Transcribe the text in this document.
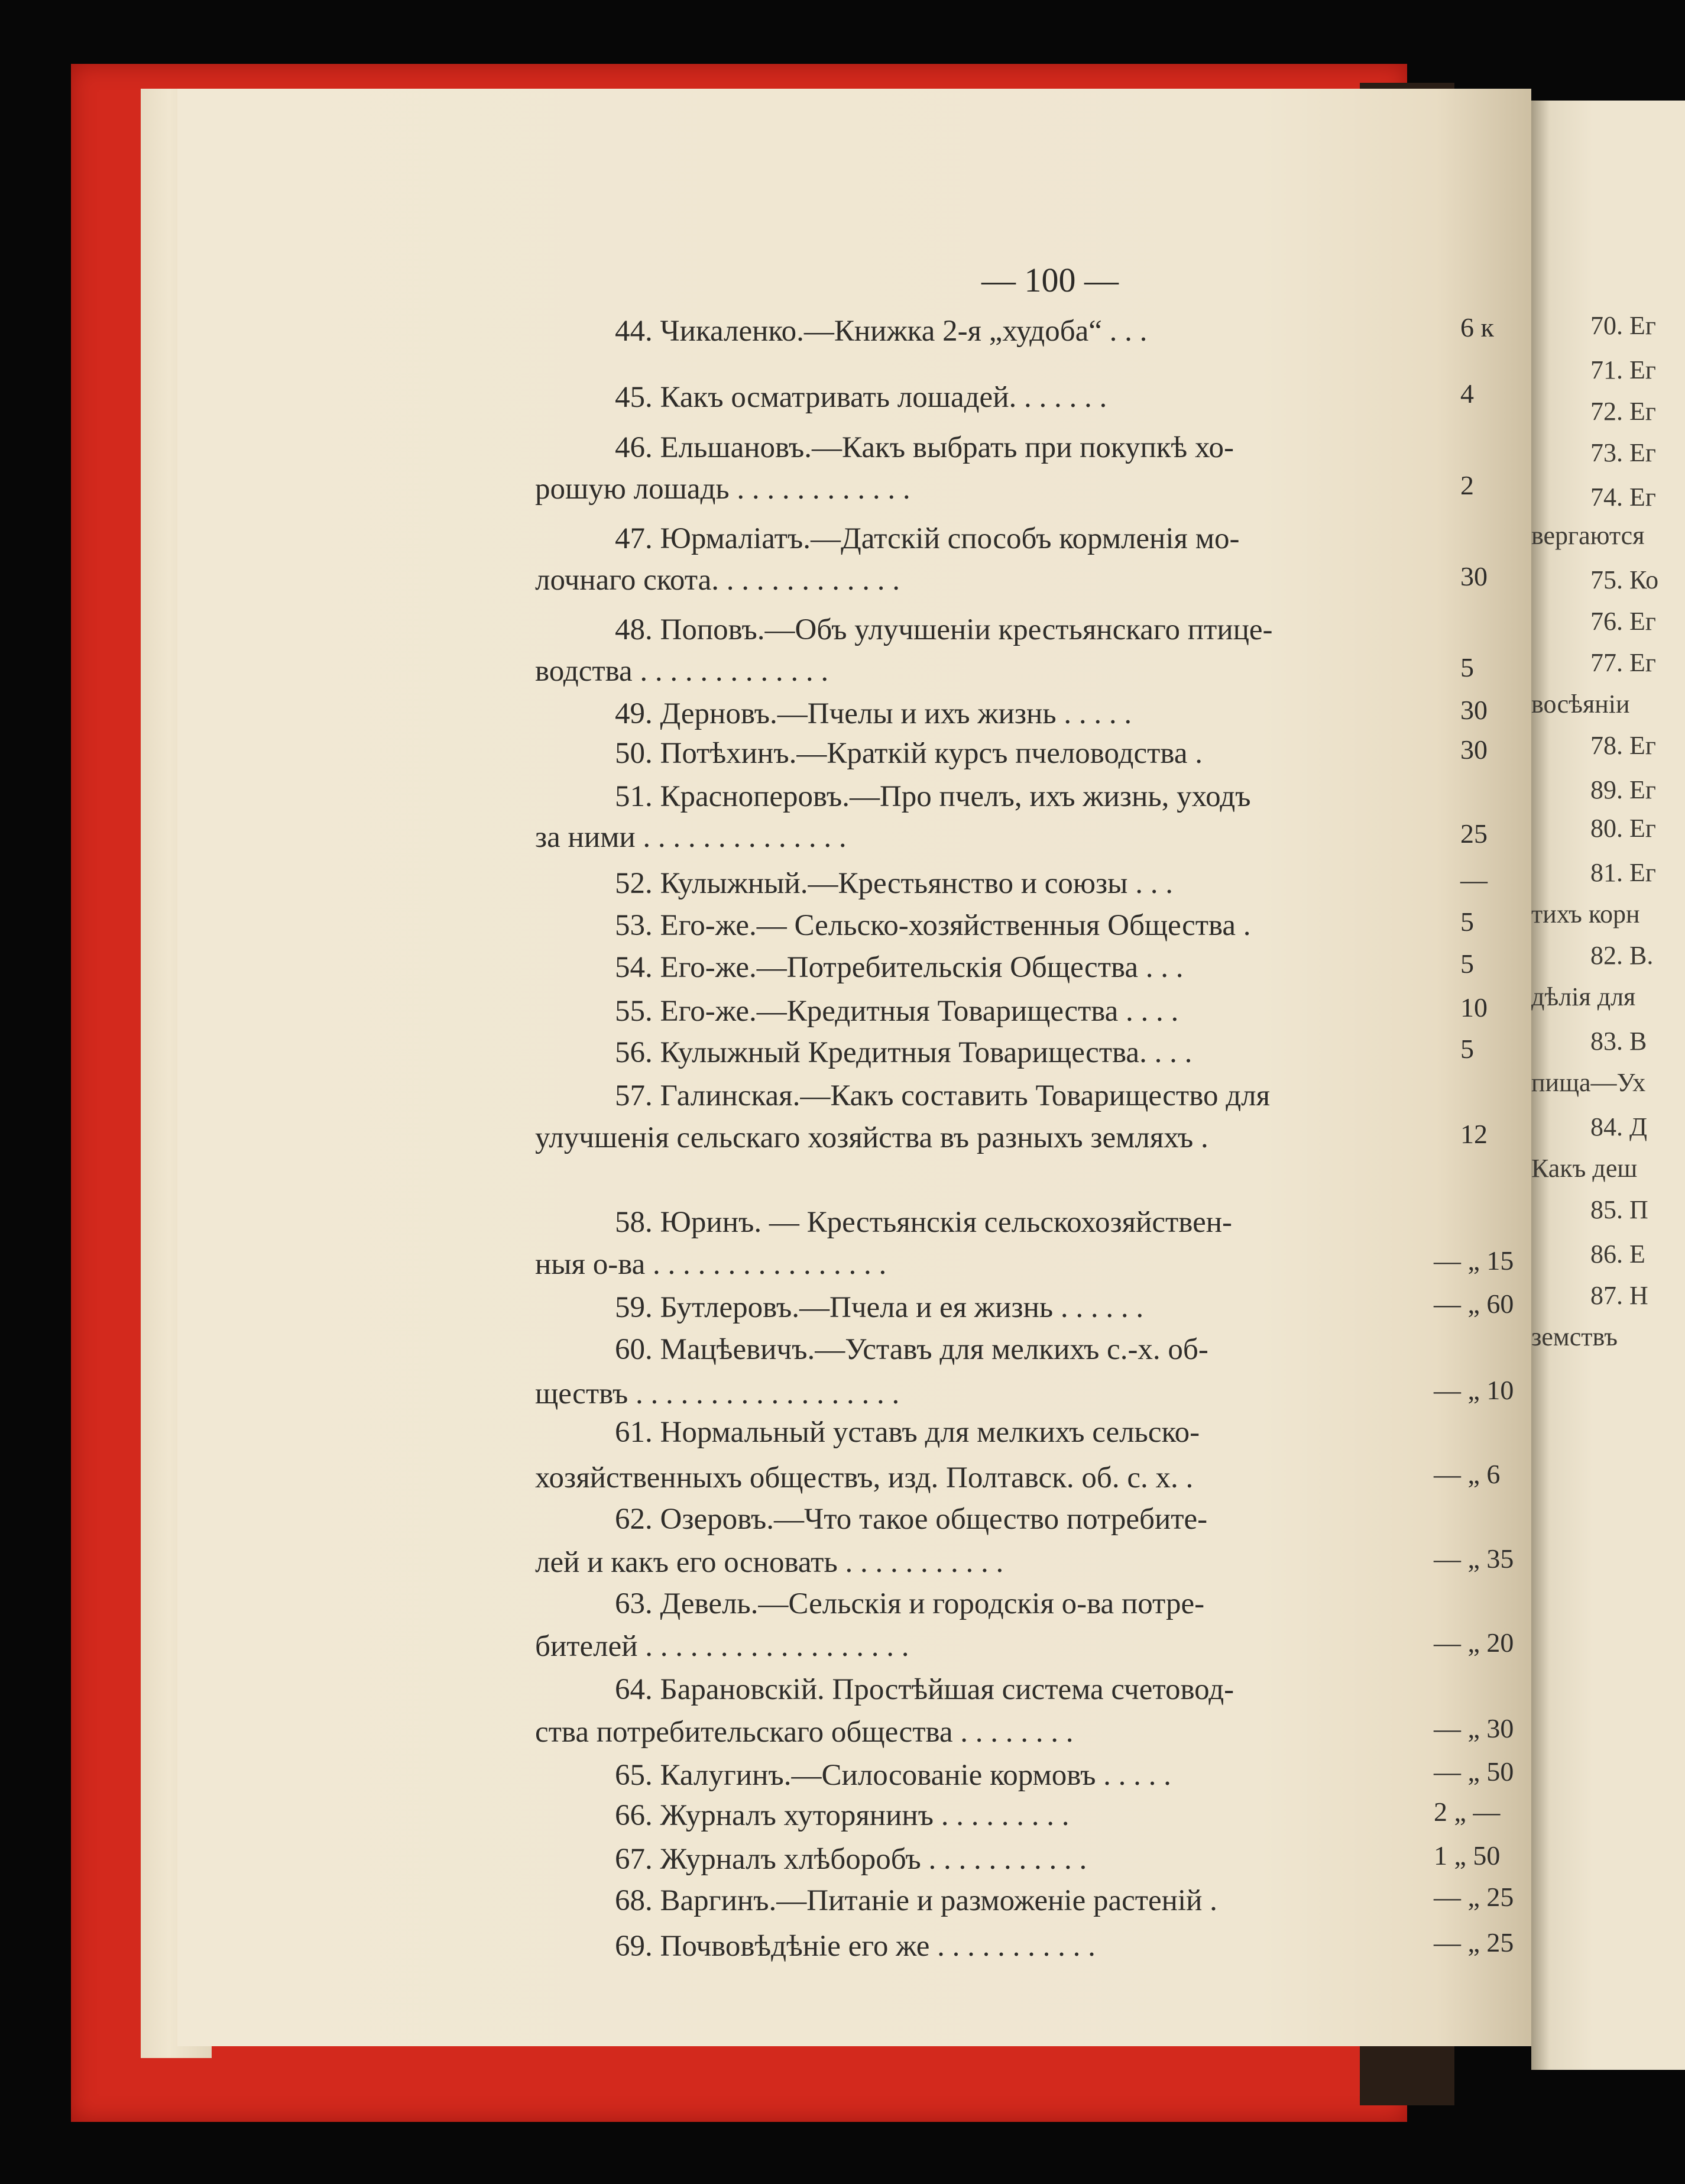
70. Ег
71. Ег
72. Ег
73. Ег
74. Ег
вергаются
75. Ко
76. Ег
77. Ег
восѣяніи
78. Ег
89. Ег
80. Ег
81. Ег
тихъ корн
82. В.
дѣлія для
83. В
пища—Ух
84. Д
Какъ деш
85. П
86. Е
87. Н
земствъ
— 100 —
44. Чикаленко.—Книжка 2-я „худоба“ . . .	6 к
45. Какъ осматривать лошадей. . . . . . .	4
46. Ельшановъ.—Какъ выбрать при покупкѣ хо-
рошую лошадь . . . . . . . . . . . .	2
47. Юрмаліатъ.—Датскій способъ кормленія мо-
лочнаго скота. . . . . . . . . . . . .	30
48. Поповъ.—Объ улучшеніи крестьянскаго птице-
водства . . . . . . . . . . . . .	5
49. Дерновъ.—Пчелы и ихъ жизнь . . . . .	30
50. Потѣхинъ.—Краткій курсъ пчеловодства .	30
51. Красноперовъ.—Про пчелъ, ихъ жизнь, уходъ
за ними . . . . . . . . . . . . . .	25
52. Кулыжный.—Крестьянство и союзы . . .	—
53. Его-же.— Сельско-хозяйственныя Общества .	5
54. Его-же.—Потребительскія Общества . . .	5
55. Его-же.—Кредитныя Товарищества . . . .	10
56. Кулыжный Кредитныя Товарищества. . . .	5
57. Галинская.—Какъ составить Товарищество для
улучшенія сельскаго хозяйства въ разныхъ земляхъ .	12
58. Юринъ. — Крестьянскія сельскохозяйствен-
ныя о-ва . . . . . . . . . . . . . . . .	— „ 15
59. Бутлеровъ.—Пчела и ея жизнь . . . . . .	— „ 60
60. Мацѣевичъ.—Уставъ для мелкихъ с.-х. об-
ществъ . . . . . . . . . . . . . . . . . .	— „ 10
61. Нормальный уставъ для мелкихъ сельско-
хозяйственныхъ обществъ, изд. Полтавск. об. с. х. .	— „ 6
62. Озеровъ.—Что такое общество потребите-
лей и какъ его основать . . . . . . . . . . .	— „ 35
63. Девель.—Сельскія и городскія о-ва потре-
бителей . . . . . . . . . . . . . . . . . .	— „ 20
64. Барановскій. Простѣйшая система счетовод-
ства потребительскаго общества . . . . . . . .	— „ 30
65. Калугинъ.—Силосованіе кормовъ . . . . .	— „ 50
66. Журналъ хуторянинъ . . . . . . . . .	2 „ —
67. Журналъ хлѣборобъ . . . . . . . . . . .	1 „ 50
68. Варгинъ.—Питаніе и разможеніе растеній .	— „ 25
69. Почвовѣдѣніе его же . . . . . . . . . . .	— „ 25
